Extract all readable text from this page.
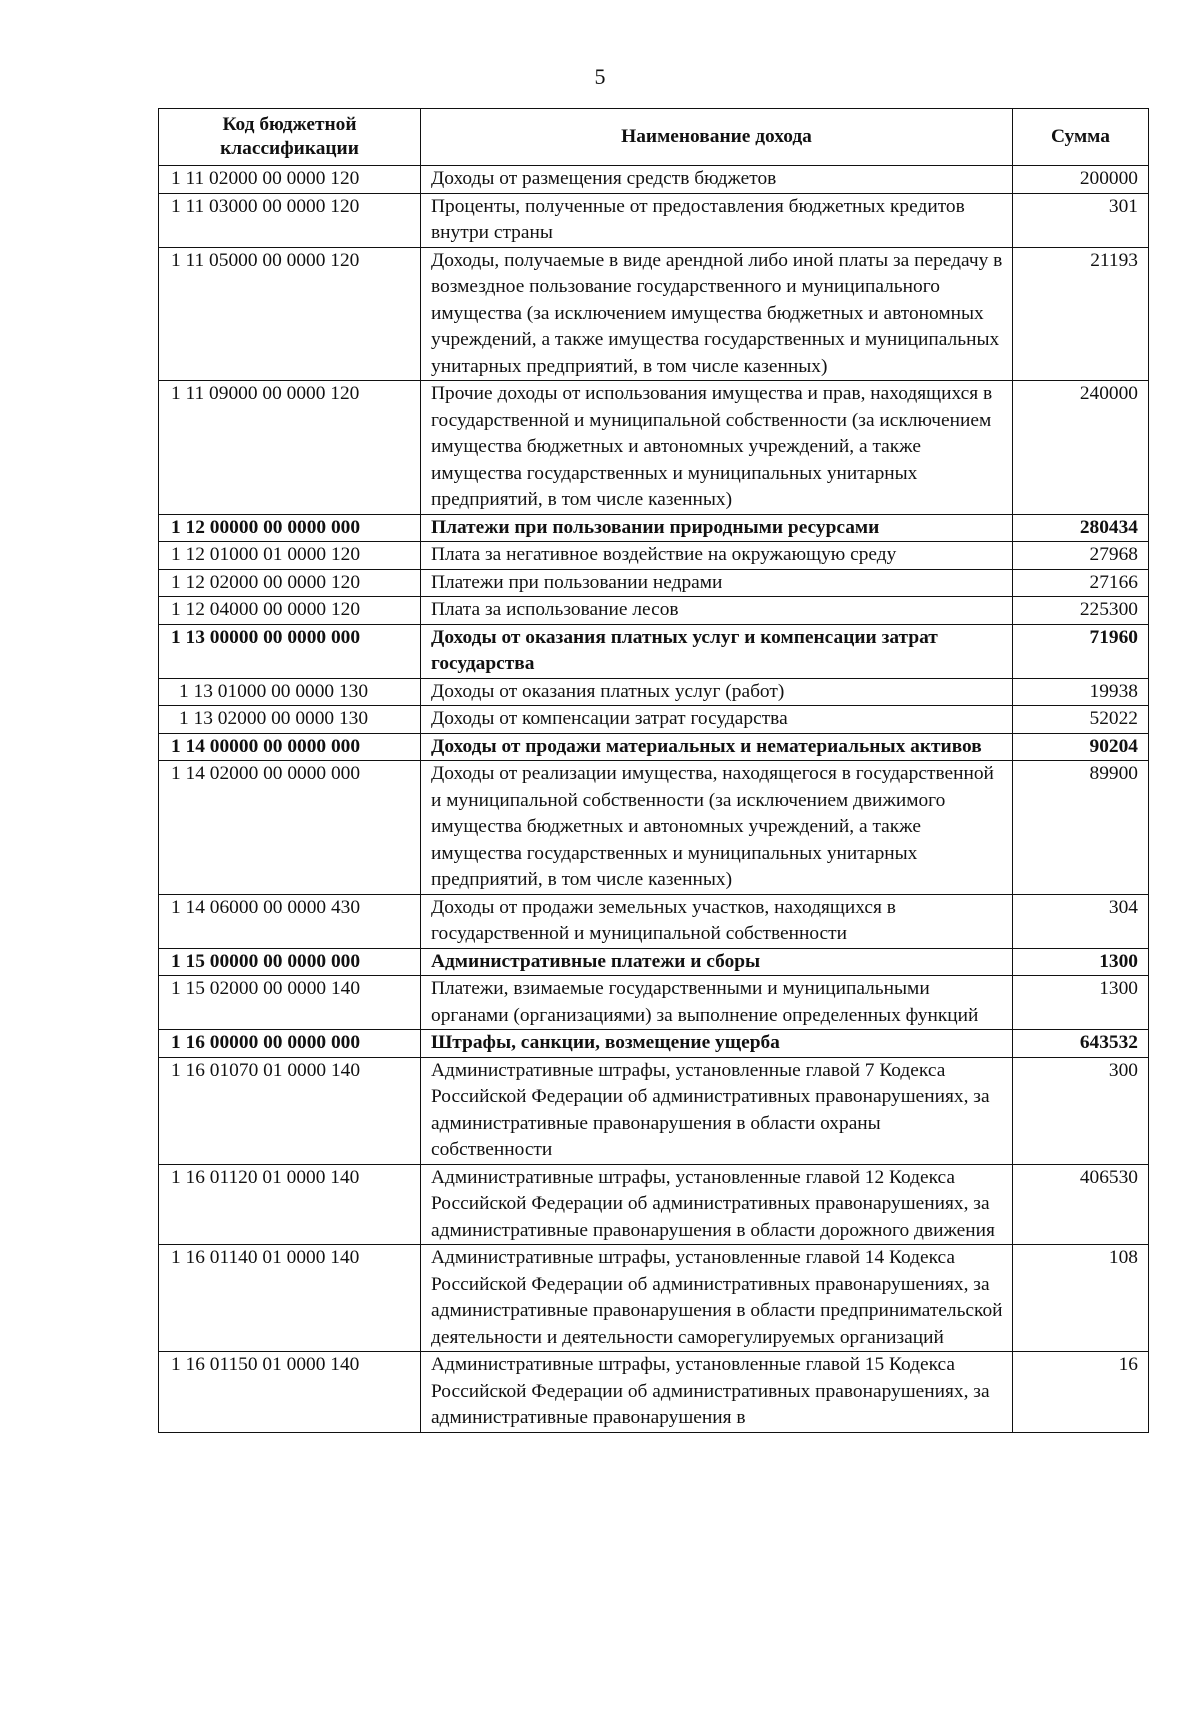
5
Код бюджетной классификации	Наименование дохода	Сумма
1 11 02000 00 0000 120	Доходы от размещения средств бюджетов	200000
1 11 03000 00 0000 120	Проценты, полученные от предоставления бюджетных кредитов внутри страны	301
1 11 05000 00 0000 120	Доходы, получаемые в виде арендной либо иной платы за передачу в возмездное пользование государственного и муниципального имущества (за исключением имущества бюджетных и автономных учреждений, а также имущества государственных и муниципальных унитарных предприятий, в том числе казенных)	21193
1 11 09000 00 0000 120	Прочие доходы от использования имущества и прав, находящихся в государственной и муниципальной собственности (за исключением имущества бюджетных и автономных учреждений, а также имущества государственных и муниципальных унитарных предприятий, в том числе казенных)	240000
1 12 00000 00 0000 000	Платежи при пользовании природными ресурсами	280434
1 12 01000 01 0000 120	Плата за негативное воздействие на окружающую среду	27968
1 12 02000 00 0000 120	Платежи при пользовании недрами	27166
1 12 04000 00 0000 120	Плата за использование лесов	225300
1 13 00000 00 0000 000	Доходы от оказания платных услуг и компенсации затрат государства	71960
1 13 01000 00 0000 130	Доходы от оказания платных услуг (работ)	19938
1 13 02000 00 0000 130	Доходы от компенсации затрат государства	52022
1 14 00000 00 0000 000	Доходы от продажи материальных и нематериальных активов	90204
1 14 02000 00 0000 000	Доходы от реализации имущества, находящегося в государственной и муниципальной собственности (за исключением движимого имущества бюджетных и автономных учреждений, а также имущества государственных и муниципальных унитарных предприятий, в том числе казенных)	89900
1 14 06000 00 0000 430	Доходы от продажи земельных участков, находящихся в государственной и муниципальной собственности	304
1 15 00000 00 0000 000	Административные платежи и сборы	1300
1 15 02000 00 0000 140	Платежи, взимаемые государственными и муниципальными органами (организациями) за выполнение определенных функций	1300
1 16 00000 00 0000 000	Штрафы, санкции, возмещение ущерба	643532
1 16 01070 01 0000 140	Административные штрафы, установленные главой 7 Кодекса Российской Федерации об административных правонарушениях, за административные правонарушения в области охраны собственности	300
1 16 01120 01 0000 140	Административные штрафы, установленные главой 12 Кодекса Российской Федерации об административных правонарушениях, за административные правонарушения в области дорожного движения	406530
1 16 01140 01 0000 140	Административные штрафы, установленные главой 14 Кодекса Российской Федерации об административных правонарушениях, за административные правонарушения в области предпринимательской деятельности и деятельности саморегулируемых организаций	108
1 16 01150 01 0000 140	Административные штрафы, установленные главой 15 Кодекса Российской Федерации об административных правонарушениях, за административные правонарушения в	16
